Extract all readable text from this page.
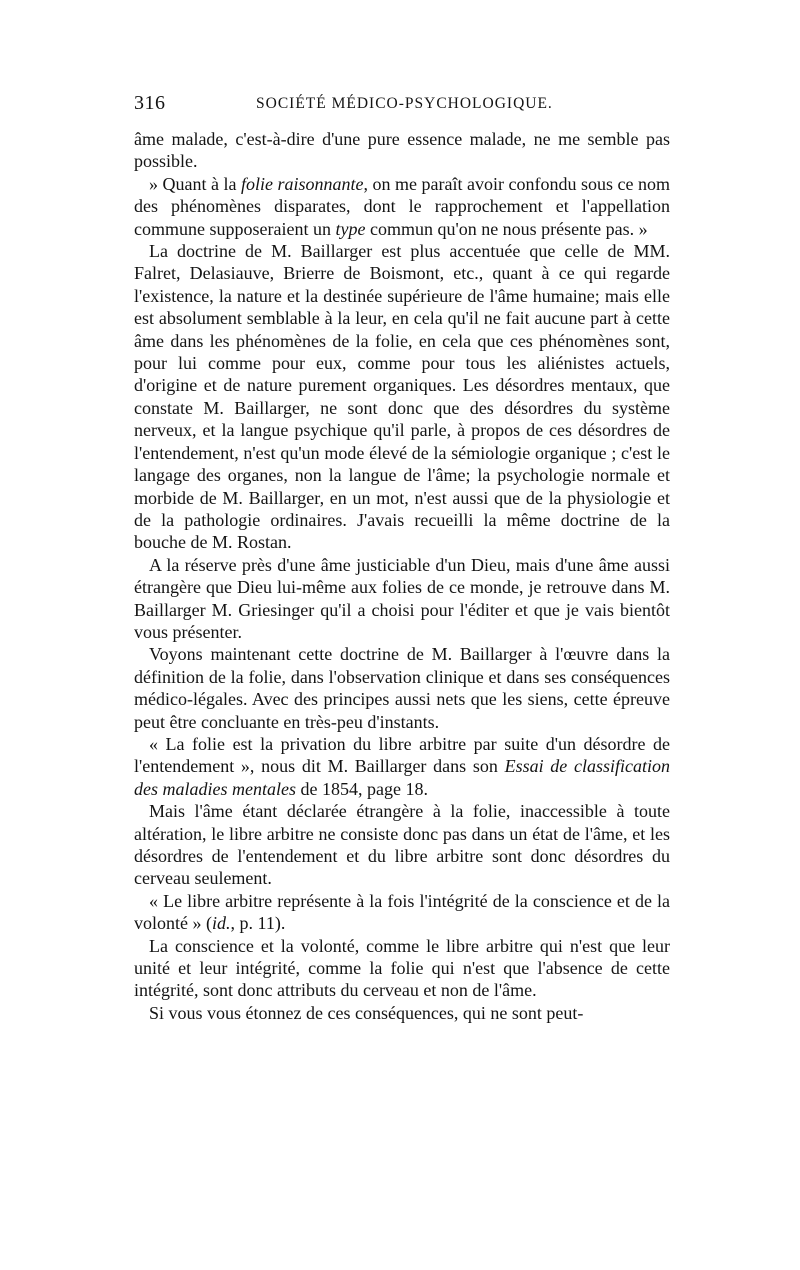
316	SOCIÉTÉ MÉDICO-PSYCHOLOGIQUE.

âme malade, c'est-à-dire d'une pure essence malade, ne me semble pas possible.

» Quant à la folie raisonnante, on me paraît avoir confondu sous ce nom des phénomènes disparates, dont le rapprochement et l'appellation commune supposeraient un type commun qu'on ne nous présente pas. »

La doctrine de M. Baillarger est plus accentuée que celle de MM. Falret, Delasiauve, Brierre de Boismont, etc., quant à ce qui regarde l'existence, la nature et la destinée supérieure de l'âme humaine; mais elle est absolument semblable à la leur, en cela qu'il ne fait aucune part à cette âme dans les phénomènes de la folie, en cela que ces phénomènes sont, pour lui comme pour eux, comme pour tous les aliénistes actuels, d'origine et de nature purement organiques. Les désordres mentaux, que constate M. Baillarger, ne sont donc que des désordres du système nerveux, et la langue psychique qu'il parle, à propos de ces désordres de l'entendement, n'est qu'un mode élevé de la sémiologie organique ; c'est le langage des organes, non la langue de l'âme; la psychologie normale et morbide de M. Baillarger, en un mot, n'est aussi que de la physiologie et de la pathologie ordinaires. J'avais recueilli la même doctrine de la bouche de M. Rostan.

A la réserve près d'une âme justiciable d'un Dieu, mais d'une âme aussi étrangère que Dieu lui-même aux folies de ce monde, je retrouve dans M. Baillarger M. Griesinger qu'il a choisi pour l'éditer et que je vais bientôt vous présenter.

Voyons maintenant cette doctrine de M. Baillarger à l'œuvre dans la définition de la folie, dans l'observation clinique et dans ses conséquences médico-légales. Avec des principes aussi nets que les siens, cette épreuve peut être concluante en très-peu d'instants.

« La folie est la privation du libre arbitre par suite d'un désordre de l'entendement », nous dit M. Baillarger dans son Essai de classification des maladies mentales de 1854, page 18.

Mais l'âme étant déclarée étrangère à la folie, inaccessible à toute altération, le libre arbitre ne consiste donc pas dans un état de l'âme, et les désordres de l'entendement et du libre arbitre sont donc désordres du cerveau seulement.

« Le libre arbitre représente à la fois l'intégrité de la conscience et de la volonté » (id., p. 11).

La conscience et la volonté, comme le libre arbitre qui n'est que leur unité et leur intégrité, comme la folie qui n'est que l'absence de cette intégrité, sont donc attributs du cerveau et non de l'âme.

Si vous vous étonnez de ces conséquences, qui ne sont peut-
